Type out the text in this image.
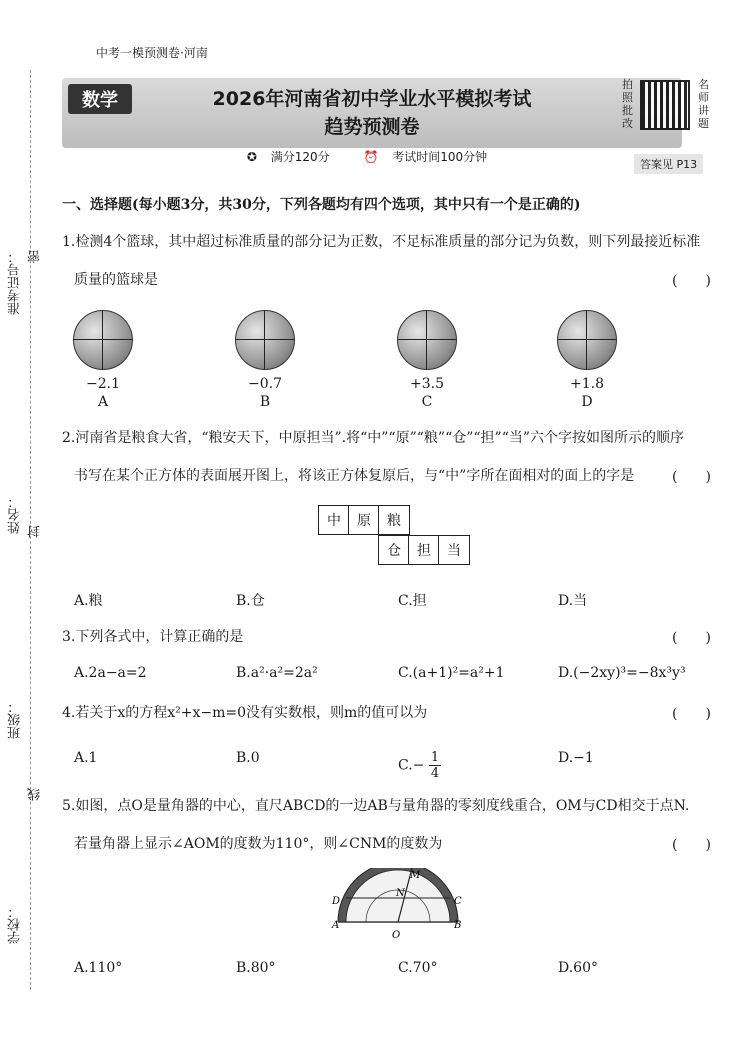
中考一模预测卷·河南
数学	2026年河南省初中学业水平模拟考试
趋势预测卷
✪ 满分120分	⏰ 考试时间100分钟
拍照批改
名师讲题
答案见 P13
准考证号： 密
姓名： 封
班级：
线
学校：
一、选择题(每小题3分，共30分，下列各题均有四个选项，其中只有一个是正确的)
1.检测4个篮球，其中超过标准质量的部分记为正数，不足标准质量的部分记为负数，则下列最接近标准
质量的篮球是	(　　)
−2.1
A
−0.7
B
+3.5
C
+1.8
D
2.河南省是粮食大省，“粮安天下，中原担当”.将“中”“原”“粮”“仓”“担”“当”六个字按如图所示的顺序
书写在某个正方体的表面展开图上，将该正方体复原后，与“中”字所在面相对的面上的字是	(　　)
中	原	粮
仓	担	当
A.粮	B.仓	C.担	D.当
3.下列各式中，计算正确的是	(　　)
A.2a−a=2	B.a²·a²=2a²	C.(a+1)²=a²+1	D.(−2xy)³=−8x³y³
4.若关于x的方程x²+x−m=0没有实数根，则m的值可以为	(　　)
A.1	B.0	$C.- \frac{1}{4}$	D.−1
5.如图，点O是量角器的中心，直尺ABCD的一边AB与量角器的零刻度线重合，OM与CD相交于点N.
若量角器上显示∠AOM的度数为110°，则∠CNM的度数为	(　　)
D	C
A	B
O
M
N
A.110°	B.80°	C.70°	D.60°
